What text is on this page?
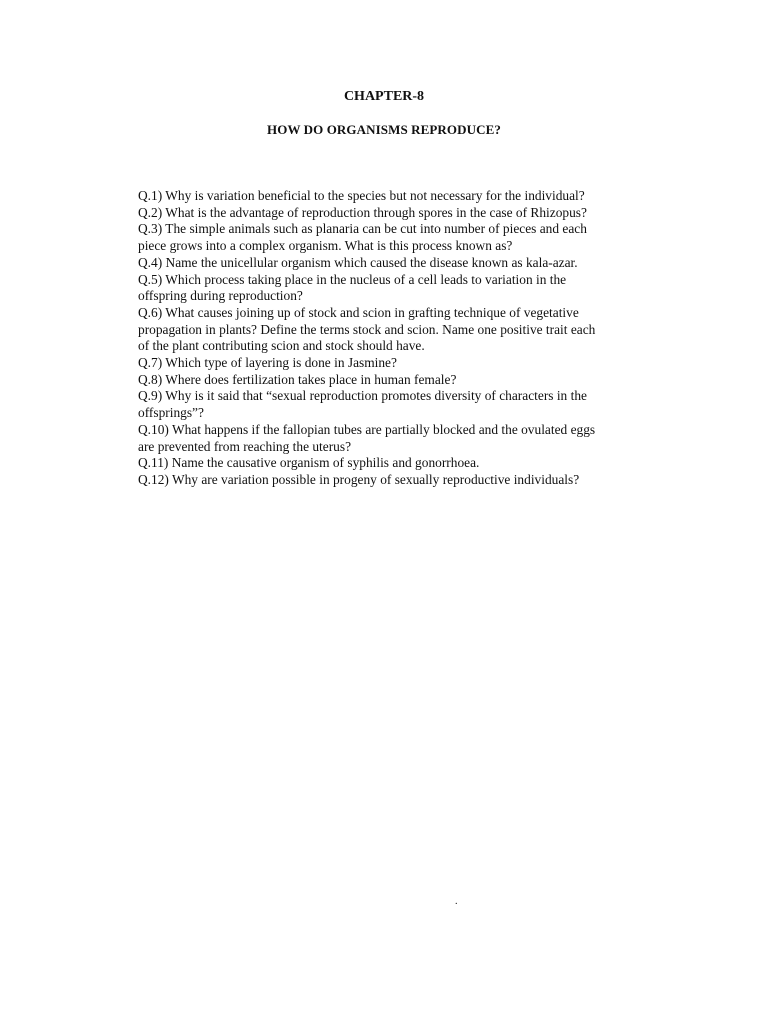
CHAPTER-8
HOW DO ORGANISMS REPRODUCE?
Q.1) Why is variation beneficial to the species but not necessary for the individual?
Q.2) What is the advantage of reproduction through spores in the case of Rhizopus?
Q.3) The simple animals such as planaria can be cut into number of pieces and each
piece grows into a complex organism. What is this process known as?
Q.4) Name the unicellular organism which caused the disease known as kala-azar.
Q.5) Which process taking place in the nucleus of a cell leads to variation in the
offspring during reproduction?
Q.6) What causes joining up of stock and scion in grafting technique of vegetative
propagation in plants? Define the terms stock and scion. Name one positive trait each
of the plant contributing scion and stock should have.
Q.7) Which type of layering is done in Jasmine?
Q.8) Where does fertilization takes place in human female?
Q.9) Why is it said that “sexual reproduction promotes diversity of characters in the
offsprings”?
Q.10) What happens if the fallopian tubes are partially blocked and the ovulated eggs
are prevented from reaching the uterus?
Q.11) Name the causative organism of syphilis and gonorrhoea.
Q.12) Why are variation possible in progeny of sexually reproductive individuals?
.
